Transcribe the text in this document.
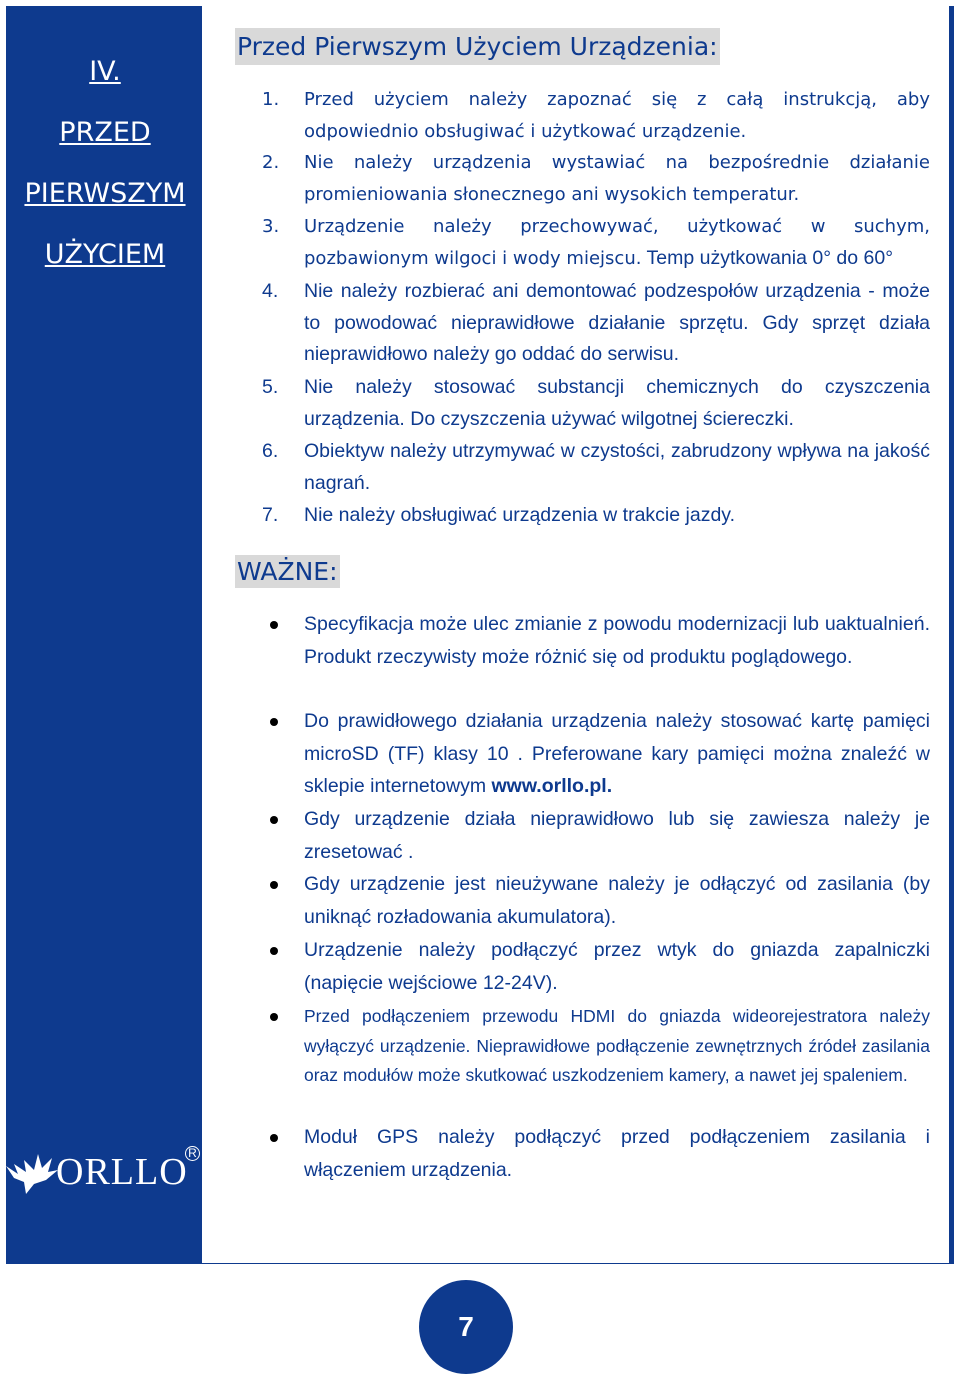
IV.
PRZED
PIERWSZYM
UŻYCIEM
ORLLO R
Przed Pierwszym Użyciem Urządzenia:
1.	Przed użyciem należy zapoznać się z całą instrukcją, aby odpowiednio obsługiwać i użytkować urządzenie.
2.	Nie należy urządzenia wystawiać na bezpośrednie działanie promieniowania słonecznego ani wysokich temperatur.
3.	Urządzenie należy przechowywać, użytkować w suchym, pozbawionym wilgoci i wody miejscu. Temp użytkowania 0° do 60°
4.	Nie należy rozbierać ani demontować podzespołów urządzenia - może to powodować nieprawidłowe działanie sprzętu. Gdy sprzęt działa nieprawidłowo należy go oddać do serwisu.
5.	Nie należy stosować substancji chemicznych do czyszczenia urządzenia. Do czyszczenia używać wilgotnej ściereczki.
6.	Obiektyw należy utrzymywać w czystości, zabrudzony wpływa na jakość nagrań.
7.	Nie należy obsługiwać urządzenia w trakcie jazdy.
WAŻNE:
Specyfikacja może ulec zmianie z powodu modernizacji lub uaktualnień. Produkt rzeczywisty może różnić się od produktu poglądowego.
Do prawidłowego działania urządzenia należy stosować kartę pamięci microSD (TF) klasy 10 . Preferowane kary pamięci można znaleźć w sklepie internetowym www.orllo.pl.
Gdy urządzenie działa nieprawidłowo lub się zawiesza należy je zresetować .
Gdy urządzenie jest nieużywane należy je odłączyć od zasilania (by uniknąć rozładowania akumulatora).
Urządzenie należy podłączyć przez wtyk do gniazda zapalniczki (napięcie wejściowe 12-24V).
Przed podłączeniem przewodu HDMI do gniazda wideorejestratora należy wyłączyć urządzenie. Nieprawidłowe podłączenie zewnętrznych źródeł zasilania oraz modułów może skutkować uszkodzeniem kamery, a nawet jej spaleniem.
Moduł GPS należy podłączyć przed podłączeniem zasilania i włączeniem urządzenia.
7
